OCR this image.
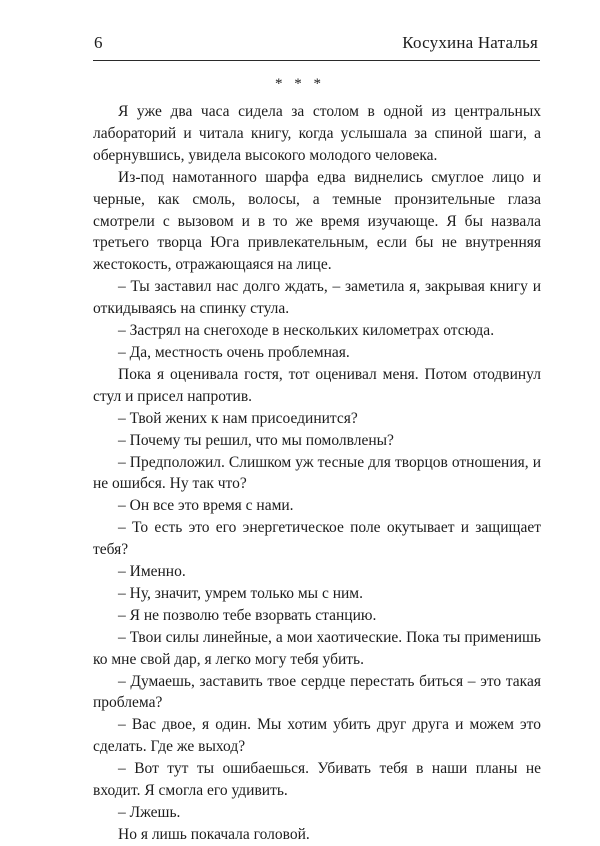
6	Косухина Наталья
* * *

Я уже два часа сидела за столом в одной из центральных лабораторий и читала книгу, когда услышала за спиной шаги, а обернувшись, увидела высокого молодого человека.

Из-под намотанного шарфа едва виднелись смуглое лицо и черные, как смоль, волосы, а темные пронзительные глаза смотрели с вызовом и в то же время изучающе. Я бы назвала третьего творца Юга привлекательным, если бы не внутренняя жестокость, отражающаяся на лице.

– Ты заставил нас долго ждать, – заметила я, закрывая книгу и откидываясь на спинку стула.

– Застрял на снегоходе в нескольких километрах отсюда.

– Да, местность очень проблемная.

Пока я оценивала гостя, тот оценивал меня. Потом отодвинул стул и присел напротив.

– Твой жених к нам присоединится?

– Почему ты решил, что мы помолвлены?

– Предположил. Слишком уж тесные для творцов отношения, и не ошибся. Ну так что?

– Он все это время с нами.

– То есть это его энергетическое поле окутывает и защищает тебя?

– Именно.

– Ну, значит, умрем только мы с ним.

– Я не позволю тебе взорвать станцию.

– Твои силы линейные, а мои хаотические. Пока ты применишь ко мне свой дар, я легко могу тебя убить.

– Думаешь, заставить твое сердце перестать биться – это такая проблема?

– Вас двое, я один. Мы хотим убить друг друга и можем это сделать. Где же выход?

– Вот тут ты ошибаешься. Убивать тебя в наши планы не входит. Я смогла его удивить.

– Лжешь.

Но я лишь покачала головой.
